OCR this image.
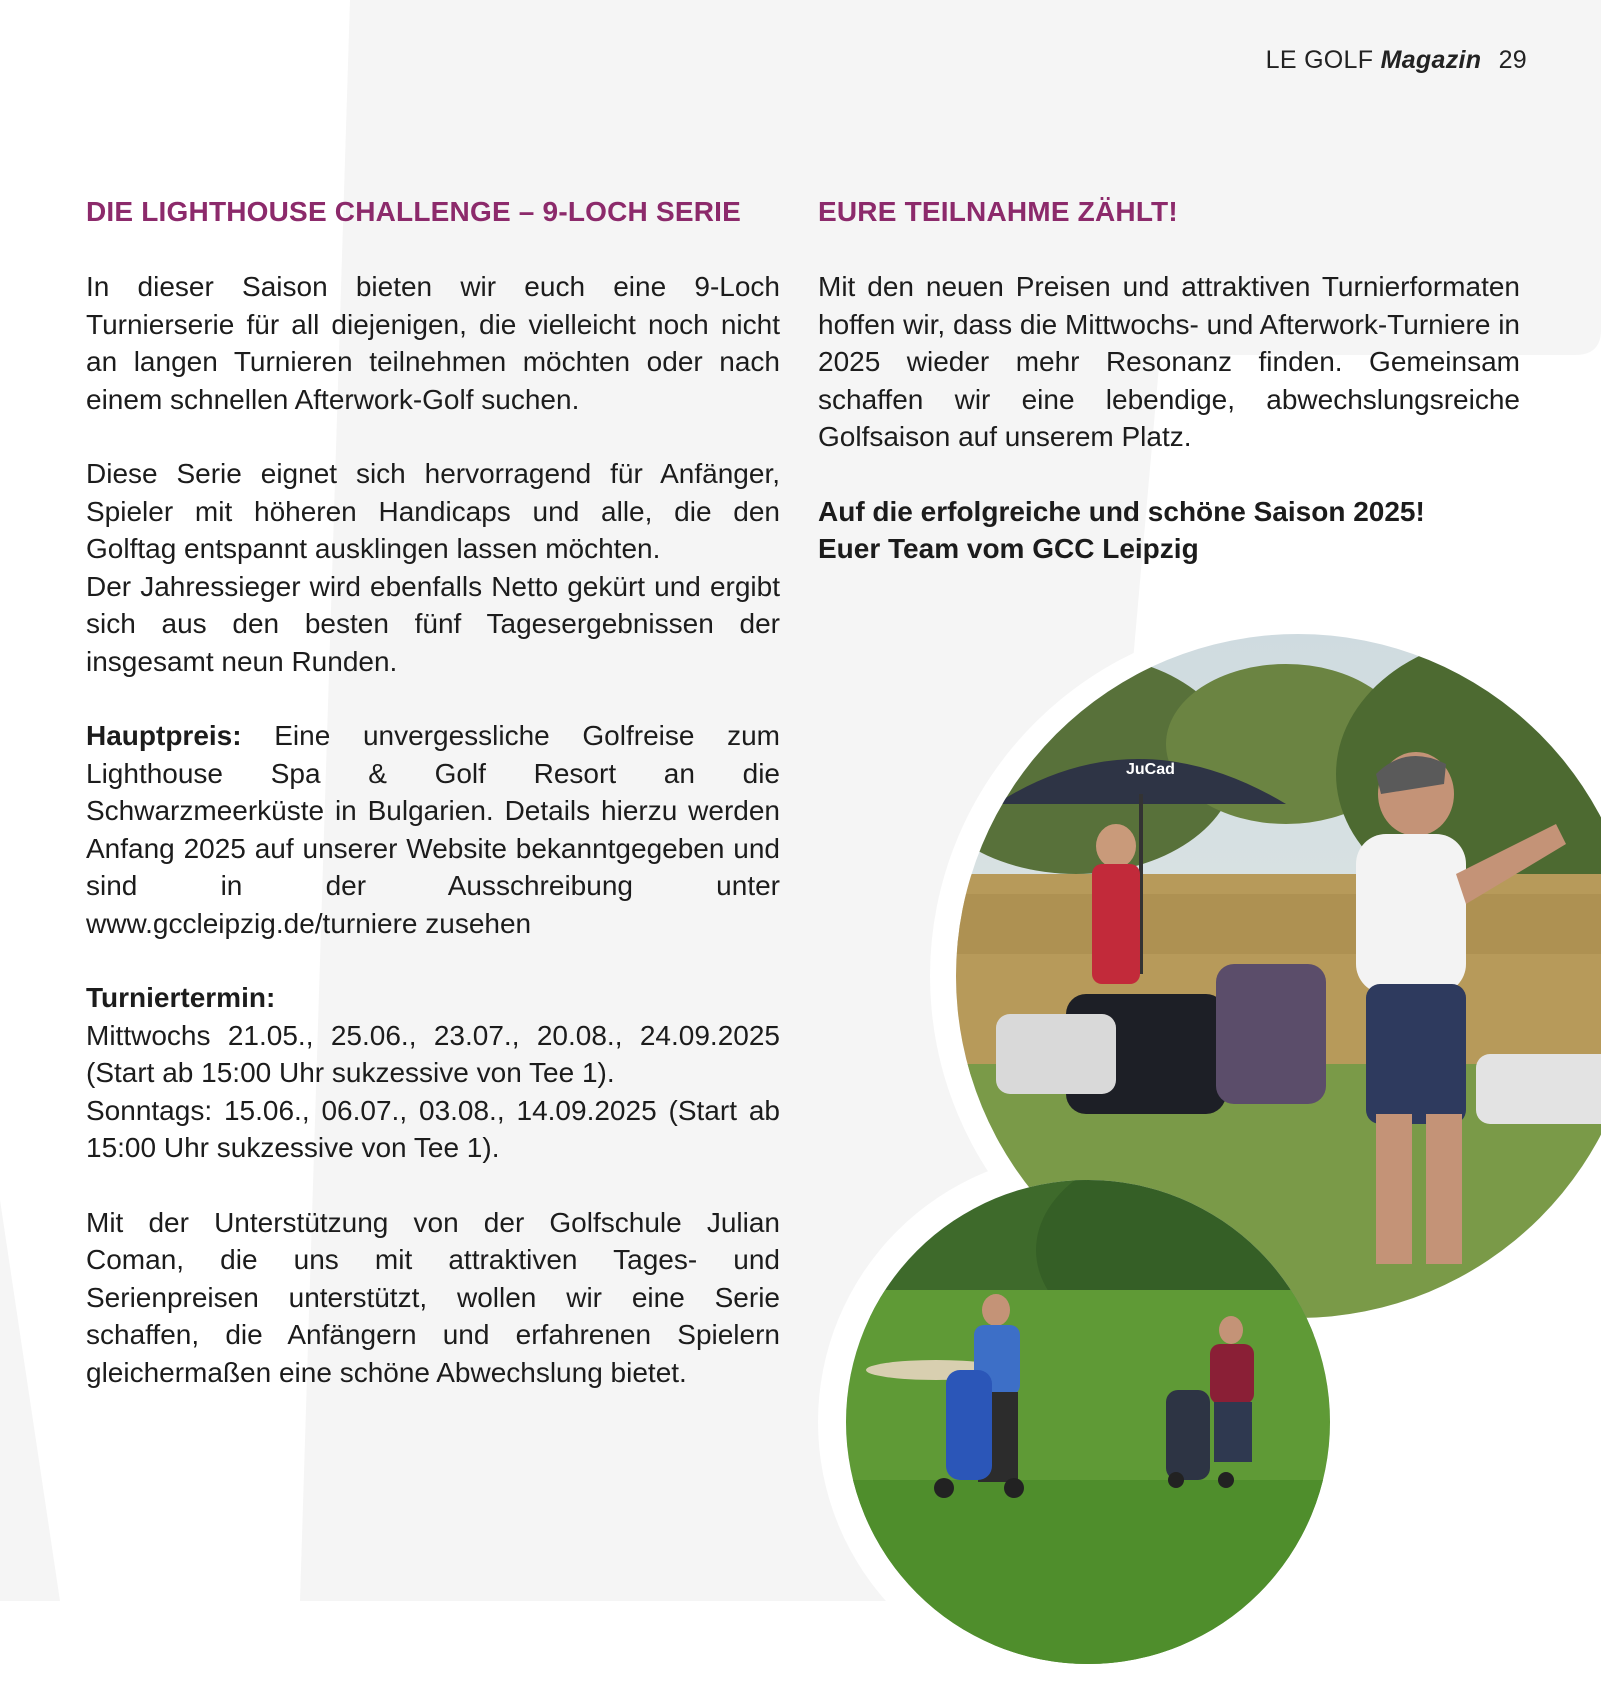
LE GOLF Magazin 29
DIE LIGHTHOUSE CHALLENGE – 9-LOCH SERIE

In dieser Saison bieten wir euch eine 9-Loch Turnierserie für all diejenigen, die vielleicht noch nicht an langen Turnieren teilnehmen möchten oder nach einem schnellen Afterwork-Golf suchen.

Diese Serie eignet sich hervorragend für Anfänger, Spieler mit höheren Handicaps und alle, die den Golftag entspannt ausklingen lassen möchten.

Der Jahressieger wird ebenfalls Netto gekürt und ergibt sich aus den besten fünf Tagesergebnissen der insgesamt neun Runden.

Hauptpreis: Eine unvergessliche Golfreise zum Lighthouse Spa & Golf Resort an die Schwarzmeerküste in Bulgarien. Details hierzu werden Anfang 2025 auf unserer Website bekanntgegeben und sind in der Ausschreibung unter www.gccleipzig.de/turniere zusehen

Turniertermin:

Mittwochs 21.05., 25.06., 23.07., 20.08., 24.09.2025 (Start ab 15:00 Uhr sukzessive von Tee 1).

Sonntags: 15.06., 06.07., 03.08., 14.09.2025 (Start ab 15:00 Uhr sukzessive von Tee 1).

Mit der Unterstützung von der Golfschule Julian Coman, die uns mit attraktiven Tages- und Serienpreisen unterstützt, wollen wir eine Serie schaffen, die Anfängern und erfahrenen Spielern gleichermaßen eine schöne Abwechslung bietet.

EURE TEILNAHME ZÄHLT!

Mit den neuen Preisen und attraktiven Turnierformaten hoffen wir, dass die Mittwochs- und Afterwork-Turniere in 2025 wieder mehr Resonanz finden. Gemeinsam schaffen wir eine lebendige, abwechslungsreiche Golfsaison auf unserem Platz.

Auf die erfolgreiche und schöne Saison 2025!

Euer Team vom GCC Leipzig

JuCad
